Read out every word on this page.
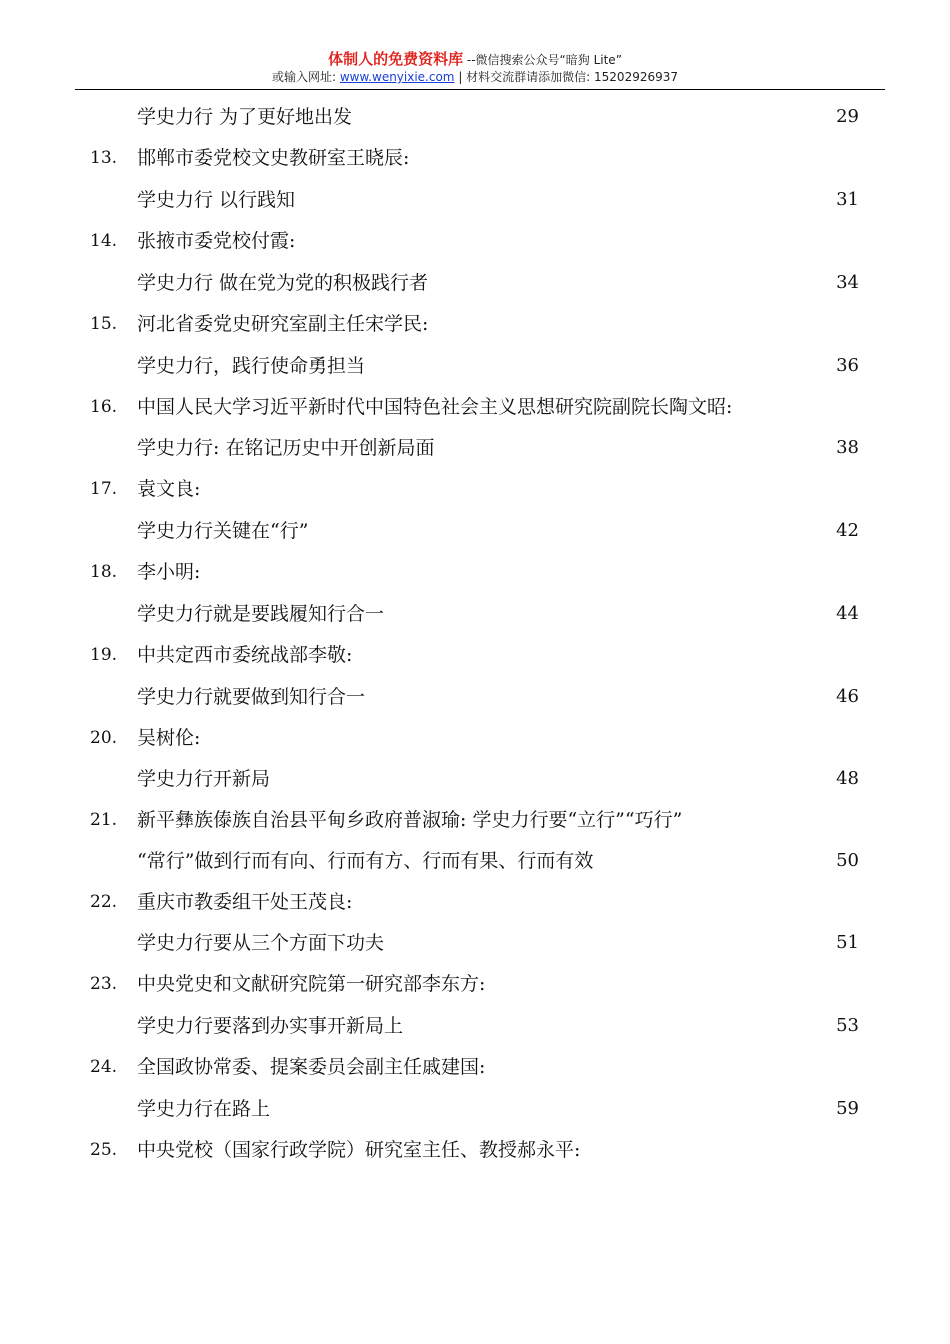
体制人的免费资料库 --微信搜索公众号“暗狗 Lite”
或输入网址: www.wenyixie.com | 材料交流群请添加微信: 15202926937
学史力行 为了更好地出发	29
13. 邯郸市委党校文史教研室王晓辰:
学史力行 以行践知	31
14. 张掖市委党校付霞:
学史力行 做在党为党的积极践行者	34
15. 河北省委党史研究室副主任宋学民:
学史力行，践行使命勇担当	36
16. 中国人民大学习近平新时代中国特色社会主义思想研究院副院长陶文昭:
学史力行: 在铭记历史中开创新局面	38
17. 袁文良:
学史力行关键在“行”	42
18. 李小明:
学史力行就是要践履知行合一	44
19. 中共定西市委统战部李敬:
学史力行就要做到知行合一	46
20. 吴树伦:
学史力行开新局	48
21. 新平彝族傣族自治县平甸乡政府普淑瑜: 学史力行要“立行”“巧行”
“常行”做到行而有向、行而有方、行而有果、行而有效	50
22. 重庆市教委组干处王茂良:
学史力行要从三个方面下功夫	51
23. 中央党史和文献研究院第一研究部李东方:
学史力行要落到办实事开新局上	53
24. 全国政协常委、提案委员会副主任戚建国:
学史力行在路上	59
25. 中央党校（国家行政学院）研究室主任、教授郝永平:
